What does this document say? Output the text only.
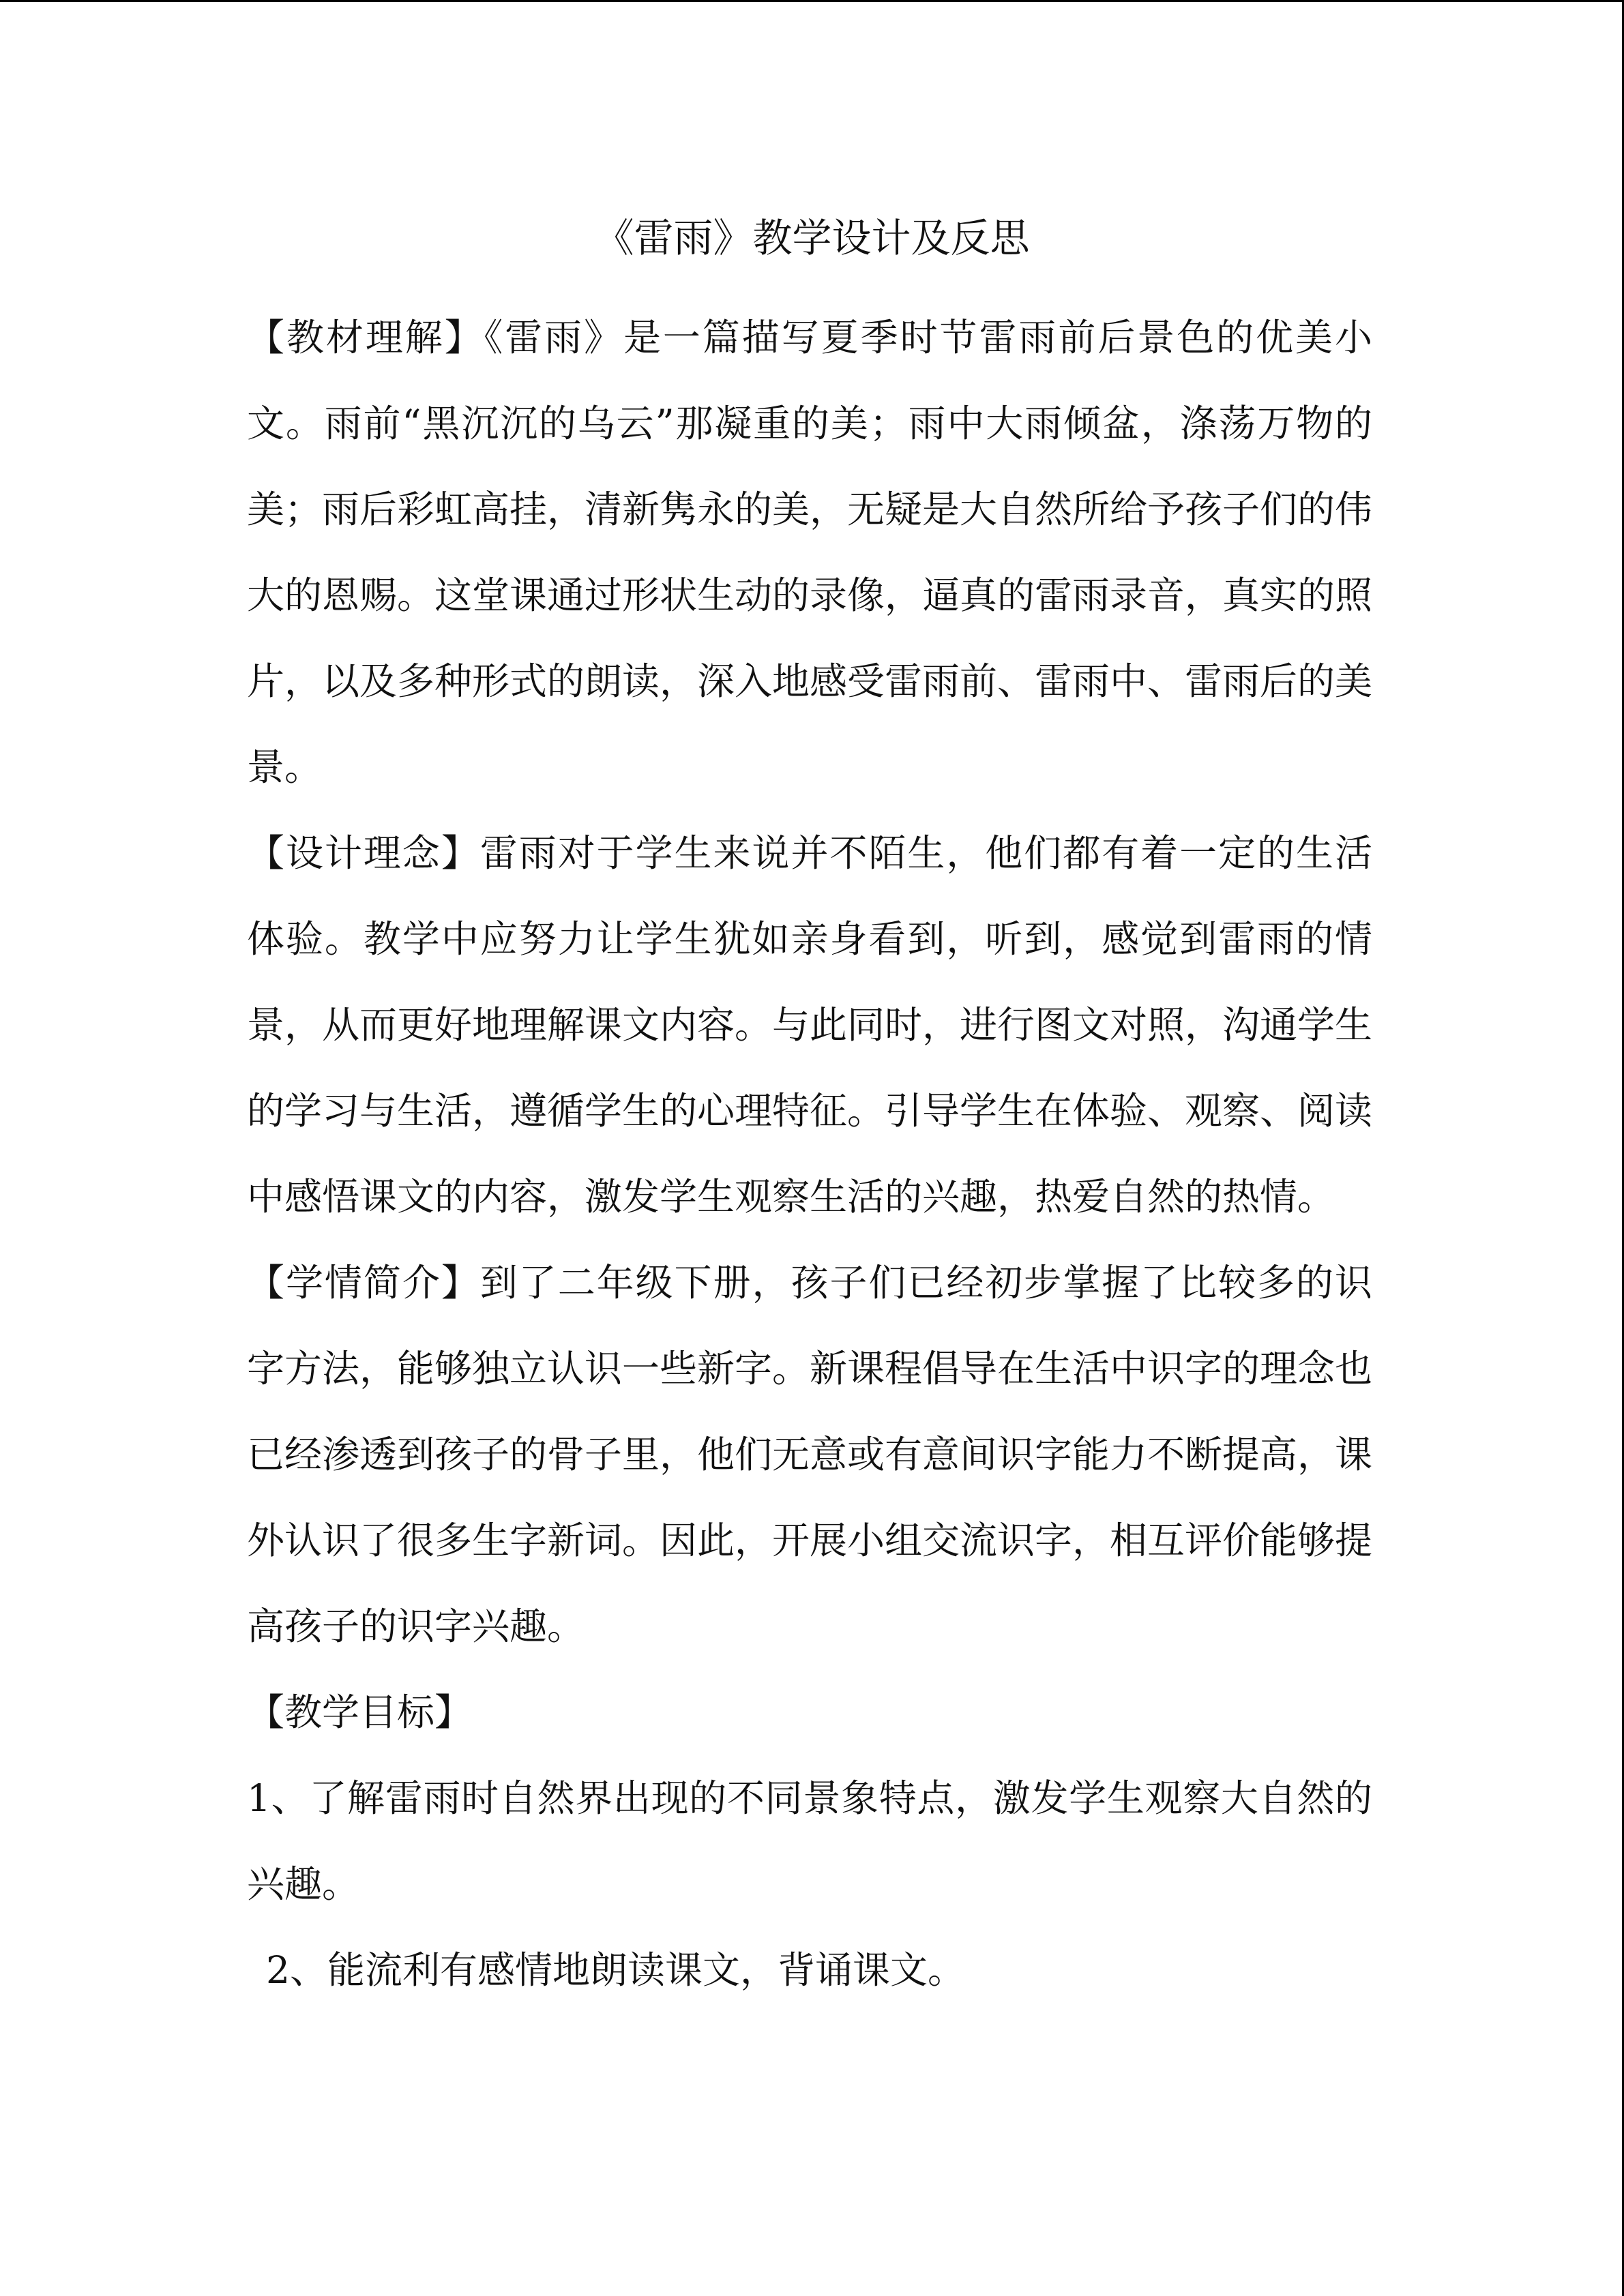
《雷雨》教学设计及反思

【教材理解】《雷雨》是一篇描写夏季时节雷雨前后景色的优美小文。雨前“黑沉沉的乌云”那凝重的美；雨中大雨倾盆，涤荡万物的美；雨后彩虹高挂，清新隽永的美，无疑是大自然所给予孩子们的伟大的恩赐。这堂课通过形状生动的录像，逼真的雷雨录音，真实的照片，以及多种形式的朗读，深入地感受雷雨前、雷雨中、雷雨后的美景。

【设计理念】雷雨对于学生来说并不陌生，他们都有着一定的生活体验。教学中应努力让学生犹如亲身看到，听到，感觉到雷雨的情景，从而更好地理解课文内容。与此同时，进行图文对照，沟通学生的学习与生活，遵循学生的心理特征。引导学生在体验、观察、阅读中感悟课文的内容，激发学生观察生活的兴趣，热爱自然的热情。

【学情简介】到了二年级下册，孩子们已经初步掌握了比较多的识字方法，能够独立认识一些新字。新课程倡导在生活中识字的理念也已经渗透到孩子的骨子里，他们无意或有意间识字能力不断提高，课外认识了很多生字新词。因此，开展小组交流识字，相互评价能够提高孩子的识字兴趣。

【教学目标】

1、了解雷雨时自然界出现的不同景象特点，激发学生观察大自然的兴趣。

2、能流利有感情地朗读课文，背诵课文。
